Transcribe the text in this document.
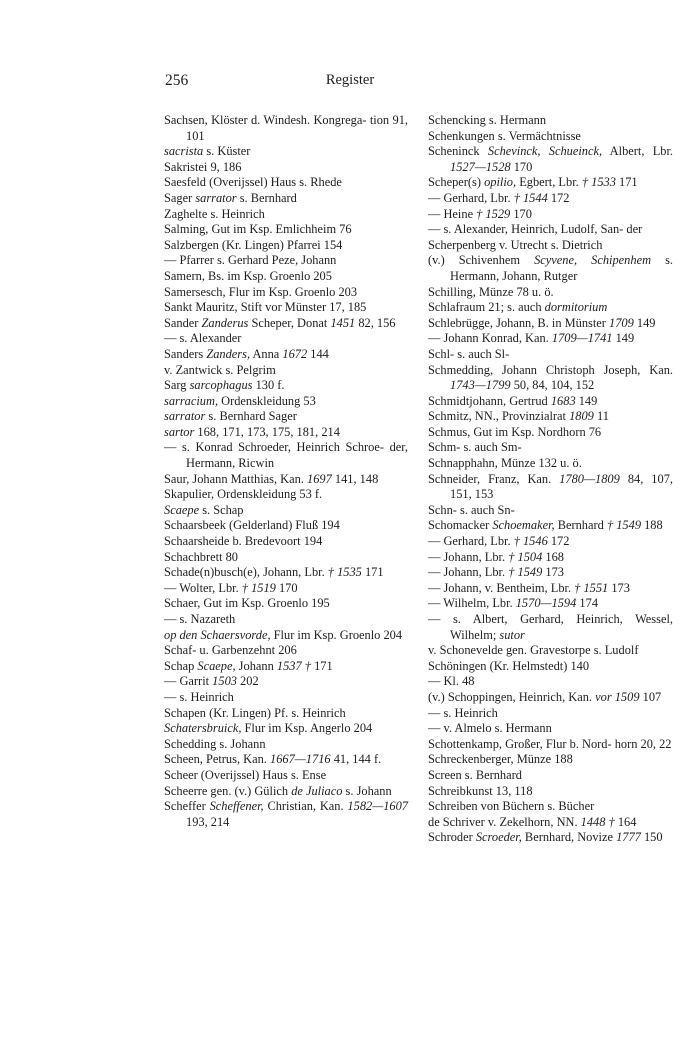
256	Register

Sachsen, Klöster d. Windesh. Kongrega- tion 91, 101

sacrista s. Küster

Sakristei 9, 186

Saesfeld (Overijssel) Haus s. Rhede

Sager sarrator s. Bernhard

Zaghelte s. Heinrich

Salming, Gut im Ksp. Emlichheim 76

Salzbergen (Kr. Lingen) Pfarrei 154

— Pfarrer s. Gerhard Peze, Johann

Samern, Bs. im Ksp. Groenlo 205

Samersesch, Flur im Ksp. Groenlo 203

Sankt Mauritz, Stift vor Münster 17, 185

Sander Zanderus Scheper, Donat 1451 82, 156

— s. Alexander

Sanders Zanders, Anna 1672 144

v. Zantwick s. Pelgrim

Sarg sarcophagus 130 f.

sarracium, Ordenskleidung 53

sarrator s. Bernhard Sager

sartor 168, 171, 173, 175, 181, 214

— s. Konrad Schroeder, Heinrich Schroe- der, Hermann, Ricwin

Saur, Johann Matthias, Kan. 1697 141, 148

Skapulier, Ordenskleidung 53 f.

Scaepe s. Schap

Schaarsbeek (Gelderland) Fluß 194

Schaarsheide b. Bredevoort 194

Schachbrett 80

Schade(n)busch(e), Johann, Lbr. † 1535 171

— Wolter, Lbr. † 1519 170

Schaer, Gut im Ksp. Groenlo 195

— s. Nazareth

op den Schaersvorde, Flur im Ksp. Groenlo 204

Schaf- u. Garbenzehnt 206

Schap Scaepe, Johann 1537 † 171

— Garrit 1503 202

— s. Heinrich

Schapen (Kr. Lingen) Pf. s. Heinrich

Schatersbruick, Flur im Ksp. Angerlo 204

Schedding s. Johann

Scheen, Petrus, Kan. 1667—1716 41, 144 f.

Scheer (Overijssel) Haus s. Ense

Scheerre gen. (v.) Gülich de Juliaco s. Johann

Scheffer Scheffener, Christian, Kan. 1582—1607 193, 214

Schencking s. Hermann

Schenkungen s. Vermächtnisse

Scheninck Schevinck, Schueinck, Albert, Lbr. 1527—1528 170

Scheper(s) opilio, Egbert, Lbr. † 1533 171

— Gerhard, Lbr. † 1544 172

— Heine † 1529 170

— s. Alexander, Heinrich, Ludolf, San- der

Scherpenberg v. Utrecht s. Dietrich

(v.) Schivenhem Scyvene, Schipenhem s. Hermann, Johann, Rutger

Schilling, Münze 78 u. ö.

Schlafraum 21; s. auch dormitorium

Schlebrügge, Johann, B. in Münster 1709 149

— Johann Konrad, Kan. 1709—1741 149

Schl- s. auch Sl-

Schmedding, Johann Christoph Joseph, Kan. 1743—1799 50, 84, 104, 152

Schmidtjohann, Gertrud 1683 149

Schmitz, NN., Provinzialrat 1809 11

Schmus, Gut im Ksp. Nordhorn 76

Schm- s. auch Sm-

Schnapphahn, Münze 132 u. ö.

Schneider, Franz, Kan. 1780—1809 84, 107, 151, 153

Schn- s. auch Sn-

Schomacker Schoemaker, Bernhard † 1549 188

— Gerhard, Lbr. † 1546 172

— Johann, Lbr. † 1504 168

— Johann, Lbr. † 1549 173

— Johann, v. Bentheim, Lbr. † 1551 173

— Wilhelm, Lbr. 1570—1594 174

— s. Albert, Gerhard, Heinrich, Wessel, Wilhelm; sutor

v. Schonevelde gen. Gravestorpe s. Ludolf

Schöningen (Kr. Helmstedt) 140

— Kl. 48

(v.) Schoppingen, Heinrich, Kan. vor 1509 107

— s. Heinrich

— v. Almelo s. Hermann

Schottenkamp, Großer, Flur b. Nord- horn 20, 22

Schreckenberger, Münze 188

Screen s. Bernhard

Schreibkunst 13, 118

Schreiben von Büchern s. Bücher

de Schriver v. Zekelhorn, NN. 1448 † 164

Schroder Scroeder, Bernhard, Novize 1777 150
